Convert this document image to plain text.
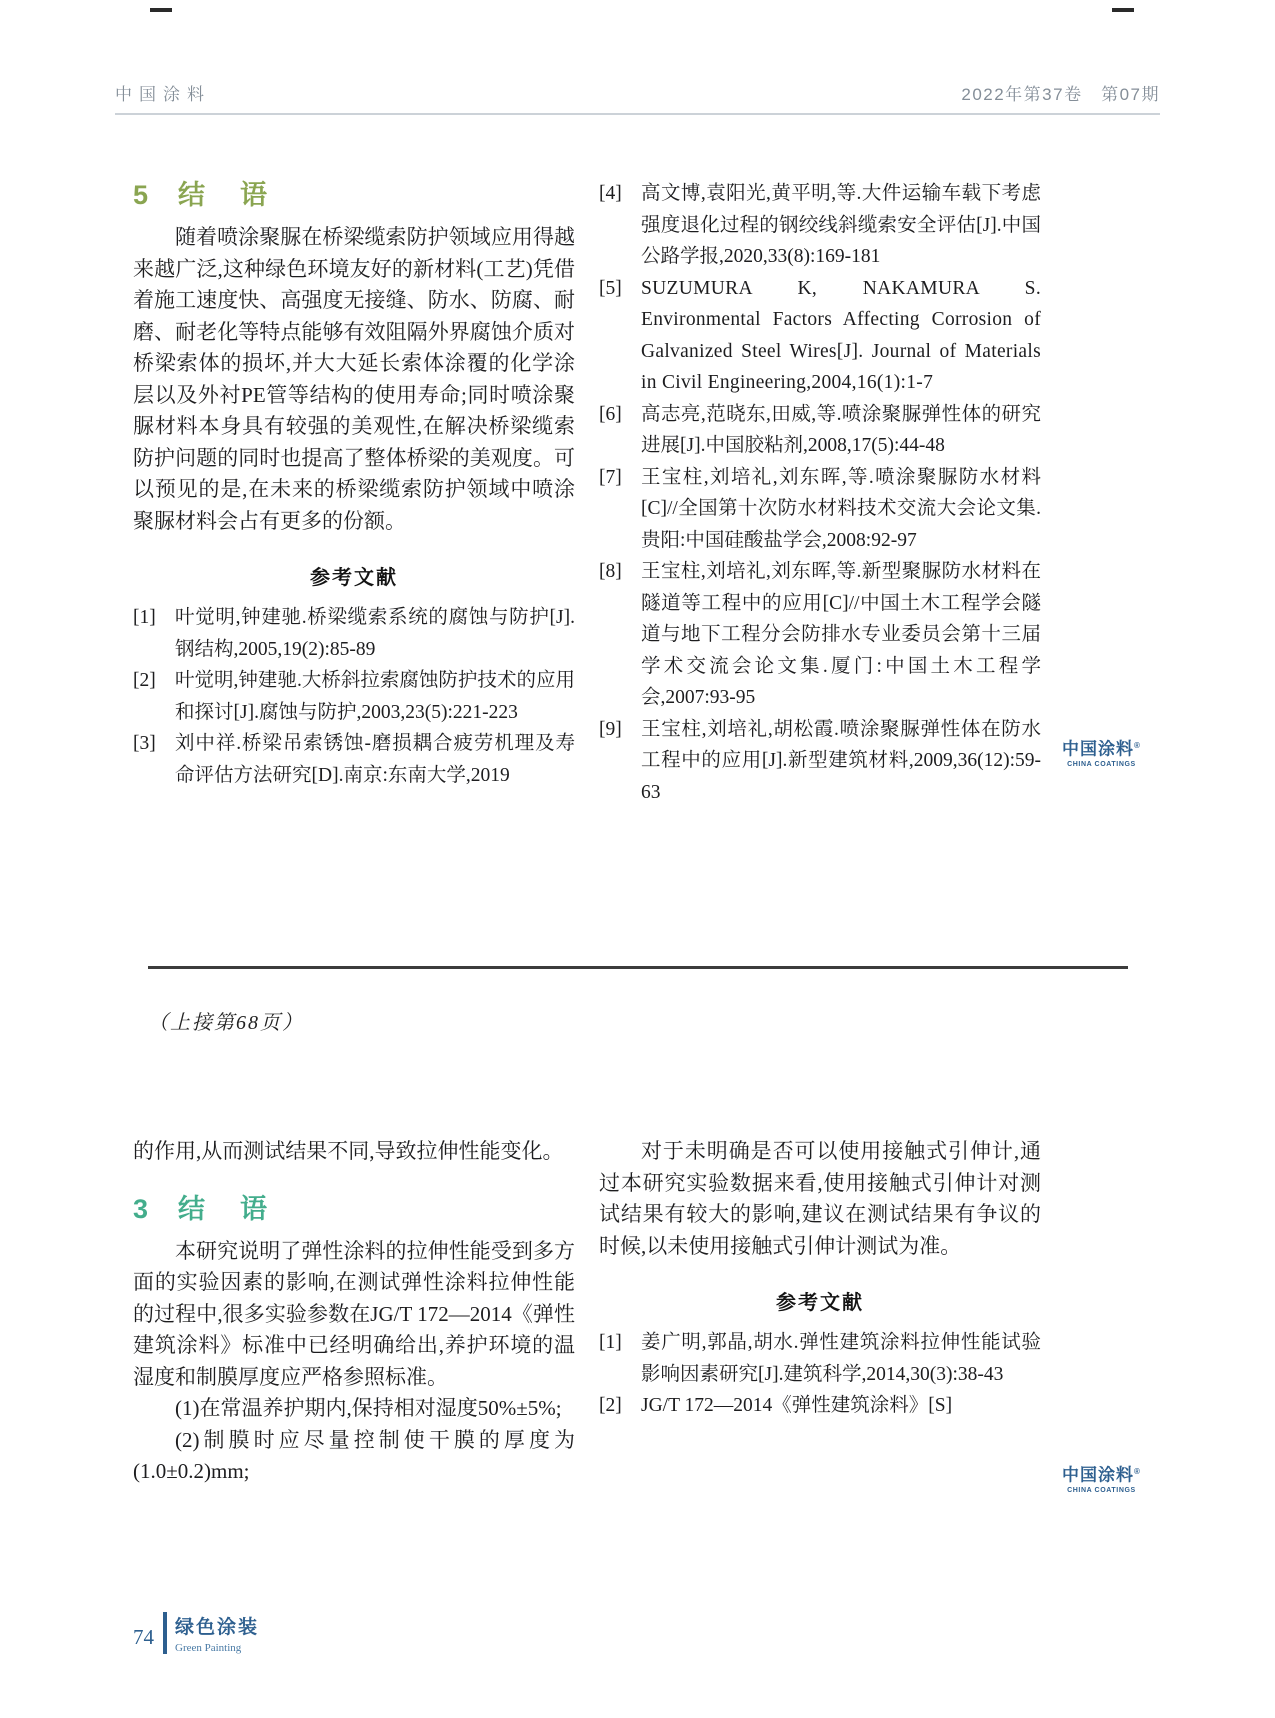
中国涂料	2022年第37卷　第07期
5 结　语
随着喷涂聚脲在桥梁缆索防护领域应用得越来越广泛,这种绿色环境友好的新材料(工艺)凭借着施工速度快、高强度无接缝、防水、防腐、耐磨、耐老化等特点能够有效阻隔外界腐蚀介质对桥梁索体的损坏,并大大延长索体涂覆的化学涂层以及外衬PE管等结构的使用寿命;同时喷涂聚脲材料本身具有较强的美观性,在解决桥梁缆索防护问题的同时也提高了整体桥梁的美观度。可以预见的是,在未来的桥梁缆索防护领域中喷涂聚脲材料会占有更多的份额。
参考文献
[1] 叶觉明,钟建驰.桥梁缆索系统的腐蚀与防护[J].钢结构,2005,19(2):85-89
[2] 叶觉明,钟建驰.大桥斜拉索腐蚀防护技术的应用和探讨[J].腐蚀与防护,2003,23(5):221-223
[3] 刘中祥.桥梁吊索锈蚀-磨损耦合疲劳机理及寿命评估方法研究[D].南京:东南大学,2019
[4] 高文博,袁阳光,黄平明,等.大件运输车载下考虑强度退化过程的钢绞线斜缆索安全评估[J].中国公路学报,2020,33(8):169-181
[5] SUZUMURA K, NAKAMURA S. Environmental Factors Affecting Corrosion of Galvanized Steel Wires[J]. Journal of Materials in Civil Engineering,2004,16(1):1-7
[6] 高志亮,范晓东,田威,等.喷涂聚脲弹性体的研究进展[J].中国胶粘剂,2008,17(5):44-48
[7] 王宝柱,刘培礼,刘东晖,等.喷涂聚脲防水材料[C]//全国第十次防水材料技术交流大会论文集.贵阳:中国硅酸盐学会,2008:92-97
[8] 王宝柱,刘培礼,刘东晖,等.新型聚脲防水材料在隧道等工程中的应用[C]//中国土木工程学会隧道与地下工程分会防排水专业委员会第十三届学术交流会论文集.厦门:中国土木工程学会,2007:93-95
[9] 王宝柱,刘培礼,胡松霞.喷涂聚脲弹性体在防水工程中的应用[J].新型建筑材料,2009,36(12):59-63
中国涂料®
CHINA COATINGS
（上接第68页）
的作用,从而测试结果不同,导致拉伸性能变化。
3 结　语
本研究说明了弹性涂料的拉伸性能受到多方面的实验因素的影响,在测试弹性涂料拉伸性能的过程中,很多实验参数在JG/T 172—2014《弹性建筑涂料》标准中已经明确给出,养护环境的温湿度和制膜厚度应严格参照标准。
(1)在常温养护期内,保持相对湿度50%±5%;
(2)制膜时应尽量控制使干膜的厚度为(1.0±0.2)mm;
对于未明确是否可以使用接触式引伸计,通过本研究实验数据来看,使用接触式引伸计对测试结果有较大的影响,建议在测试结果有争议的时候,以未使用接触式引伸计测试为准。
参考文献
[1] 姜广明,郭晶,胡水.弹性建筑涂料拉伸性能试验影响因素研究[J].建筑科学,2014,30(3):38-43
[2] JG/T 172—2014《弹性建筑涂料》[S]
中国涂料®
CHINA COATINGS
74 绿色涂装
Green Painting
